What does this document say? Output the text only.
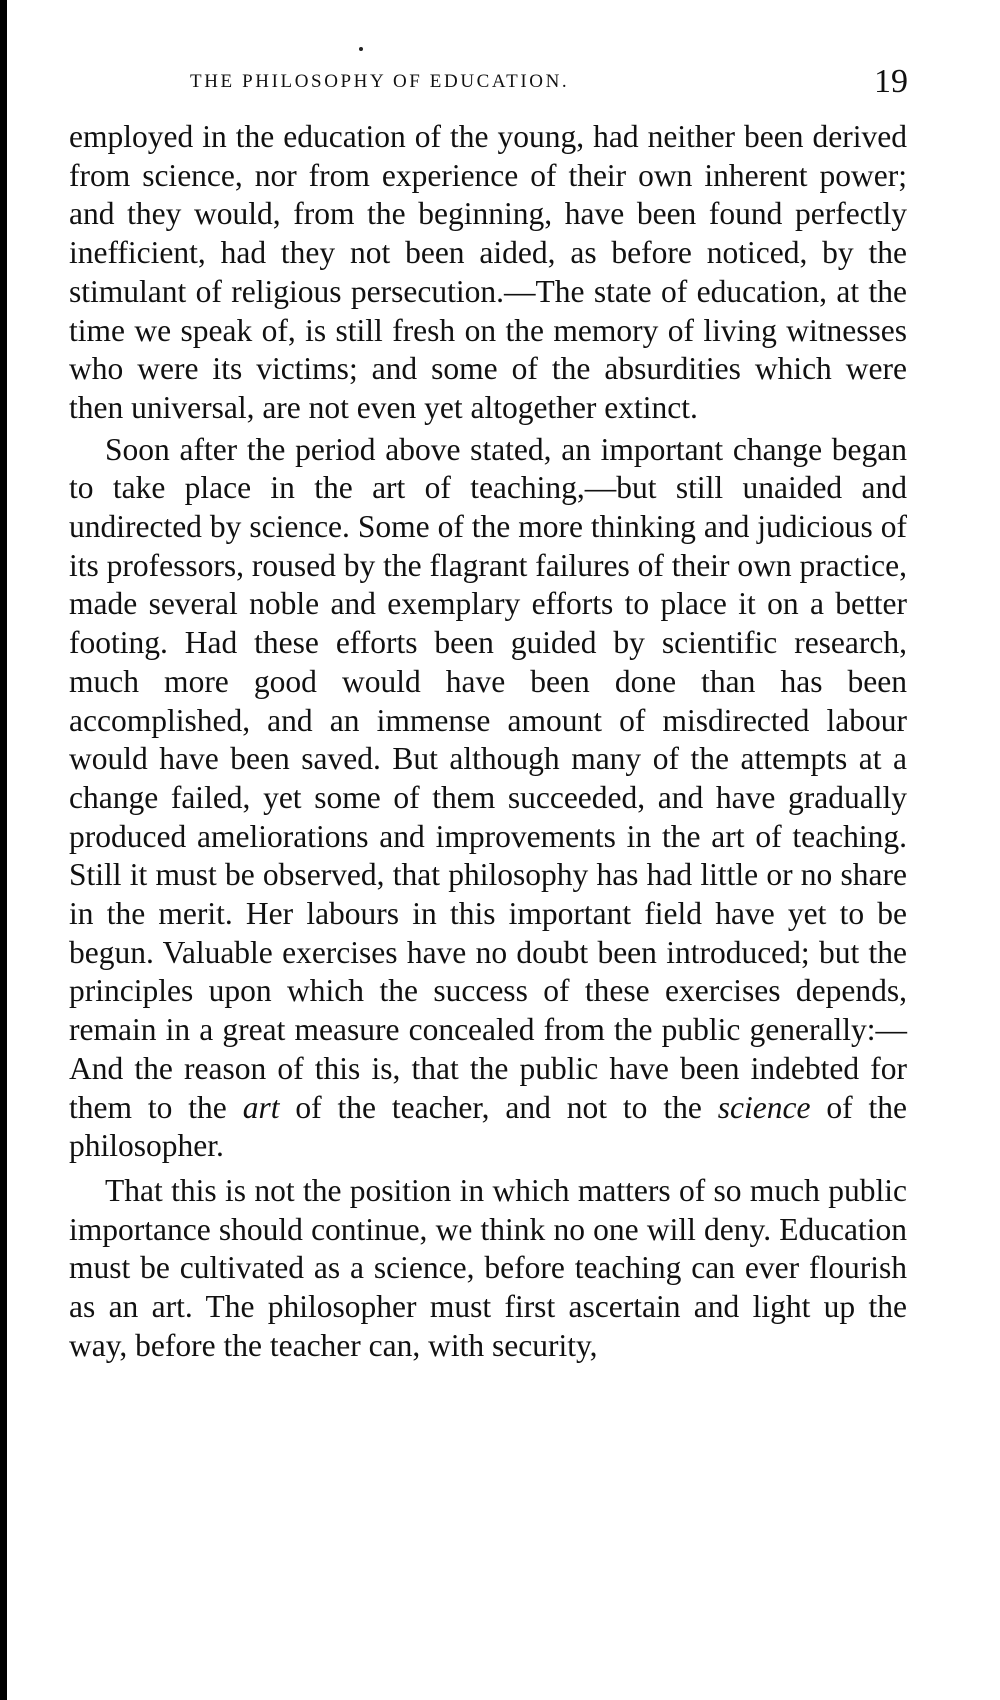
THE PHILOSOPHY OF EDUCATION.	19

employed in the education of the young, had neither been derived from science, nor from experience of their own inherent power; and they would, from the beginning, have been found perfectly inefficient, had they not been aided, as before noticed, by the stimulant of religious persecution.—The state of education, at the time we speak of, is still fresh on the memory of living witnesses who were its victims; and some of the absurdities which were then universal, are not even yet altogether extinct.

Soon after the period above stated, an important change began to take place in the art of teaching,—but still unaided and undirected by science. Some of the more thinking and judicious of its professors, roused by the flagrant failures of their own practice, made several noble and exemplary efforts to place it on a better footing. Had these efforts been guided by scientific research, much more good would have been done than has been accomplished, and an immense amount of misdirected labour would have been saved. But although many of the attempts at a change failed, yet some of them succeeded, and have gradually produced ameliorations and improvements in the art of teaching. Still it must be observed, that philosophy has had little or no share in the merit. Her labours in this important field have yet to be begun. Valuable exercises have no doubt been introduced; but the principles upon which the success of these exercises depends, remain in a great measure concealed from the public generally:—And the reason of this is, that the public have been indebted for them to the art of the teacher, and not to the science of the philosopher.

That this is not the position in which matters of so much public importance should continue, we think no one will deny. Education must be cultivated as a science, before teaching can ever flourish as an art. The philosopher must first ascertain and light up the way, before the teacher can, with security,
